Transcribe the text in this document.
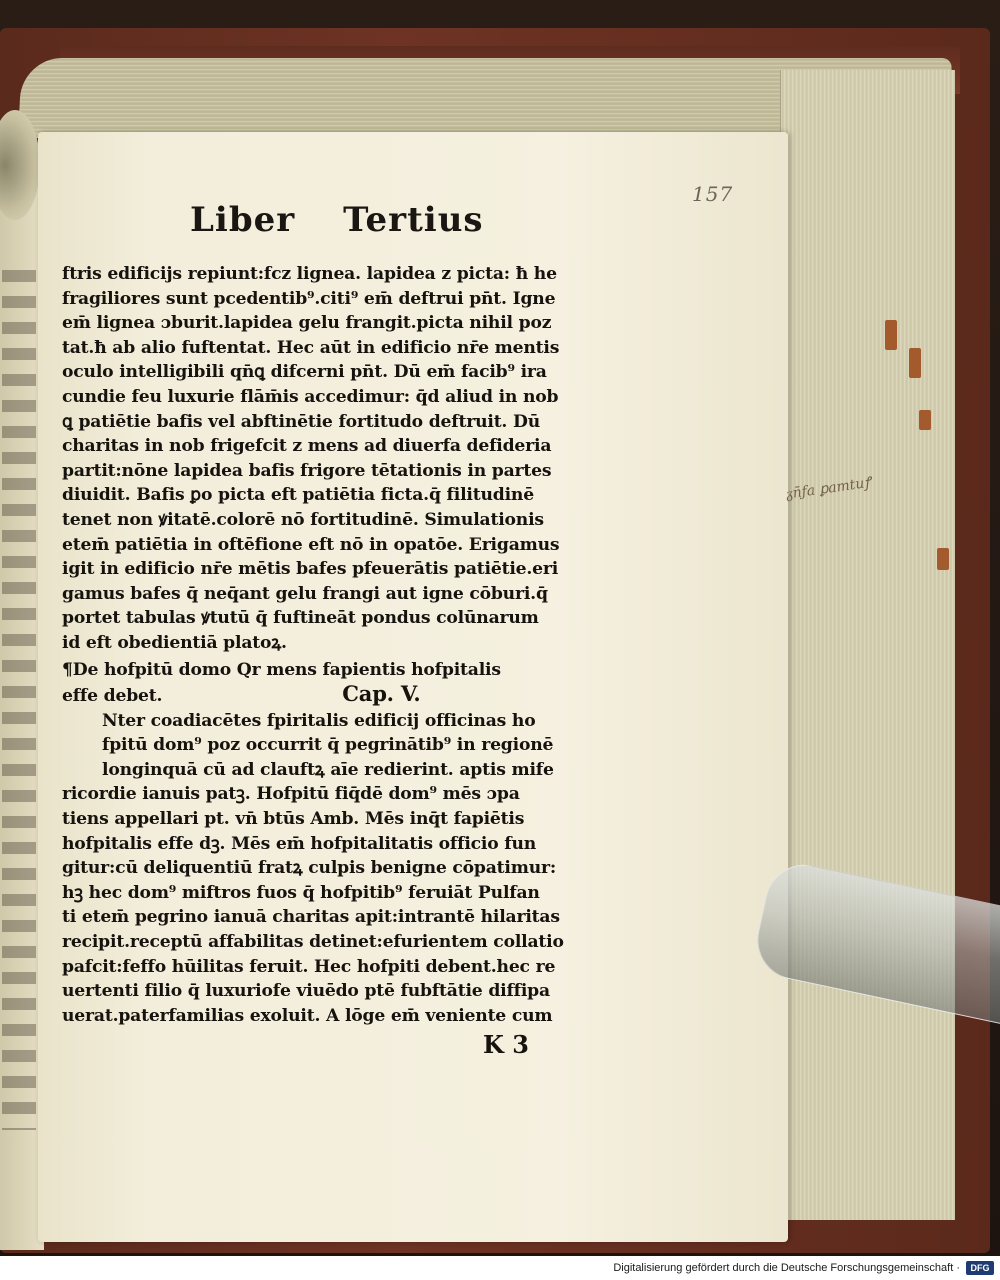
157
Liber Tertius
ftris edificijs repiunt:fcz lignea. lapidea z picta: ħ he
fragiliores sunt pcedentib⁹.citi⁹ em̄ deftrui pn̄t. Igne
em̄ lignea ɔburit.lapidea gelu frangit.picta nihil poz
tat.ħ ab alio fuftentat. Hec aūt in edificio nr̄e mentis
oculo intelligibili qn̄ꝗ difcerni pn̄t. Dū em̄ facib⁹ ira
cundie feu luxurie flām̄is accedimur: q̄d aliud in nob
ꝗ patiētie bafis vel abftinētie fortitudo deftruit. Dū
charitas in nob frigefcit z mens ad diuerfa defideria
partit:nōne lapidea bafis frigore tētationis in partes
diuidit. Bafis ꝑo picta eft patiētia ficta.q̄ filitudinē
tenet non ꝟitatē.colorē nō fortitudinē. Simulationis
etem̄ patiētia in oftēfione eft nō in opatōe. Erigamus
igit in edificio nr̄e mētis bafes pfeuerātis patiētie.eri
gamus bafes q̄ neq̄ant gelu frangi aut igne cōburi.q̄
portet tabulas ꝟtutū q̄ fuftineāt pondus colūnarum
id eft obedientiā platoꝝ.
¶De hofpitū domo Qr mens fapientis hofpitalis
effe debet.	Cap. V.
Nter coadiacētes fpiritalis edificij officinas ho
fpitū dom⁹ poz occurrit q̄ pegrinātib⁹ in regionē
longinquā cū ad clauftꝝ aīe redierint. aptis mife
ricordie ianuis patꝫ. Hofpitū fiq̄dē dom⁹ mēs ɔpa
tiens appellari pt. vn̄ btūs Amb. Mēs inq̄t fapiētis
hofpitalis effe dꝫ. Mēs em̄ hofpitalitatis officio fun
gitur:cū deliquentiū fratꝝ culpis benigne cōpatimur:
hꝫ hec dom⁹ miftros fuos q̄ hofpitib⁹ feruiāt Pulfan
ti etem̄ pegrino ianuā charitas apit:intrantē hilaritas
recipit.receptū affabilitas detinet:efurientem collatio
pafcit:feffo hūilitas feruit. Hec hofpiti debent.hec re
uertenti filio q̄ luxuriofe viuēdo ptē fubftātie diffipa
uerat.paterfamilias exoluit. A lōge em̄ veniente cum
K 3
ᵹn̄ƒa ꝑamtuꝭ
Digitalisierung gefördert durch die Deutsche Forschungsgemeinschaft ·	DFG
